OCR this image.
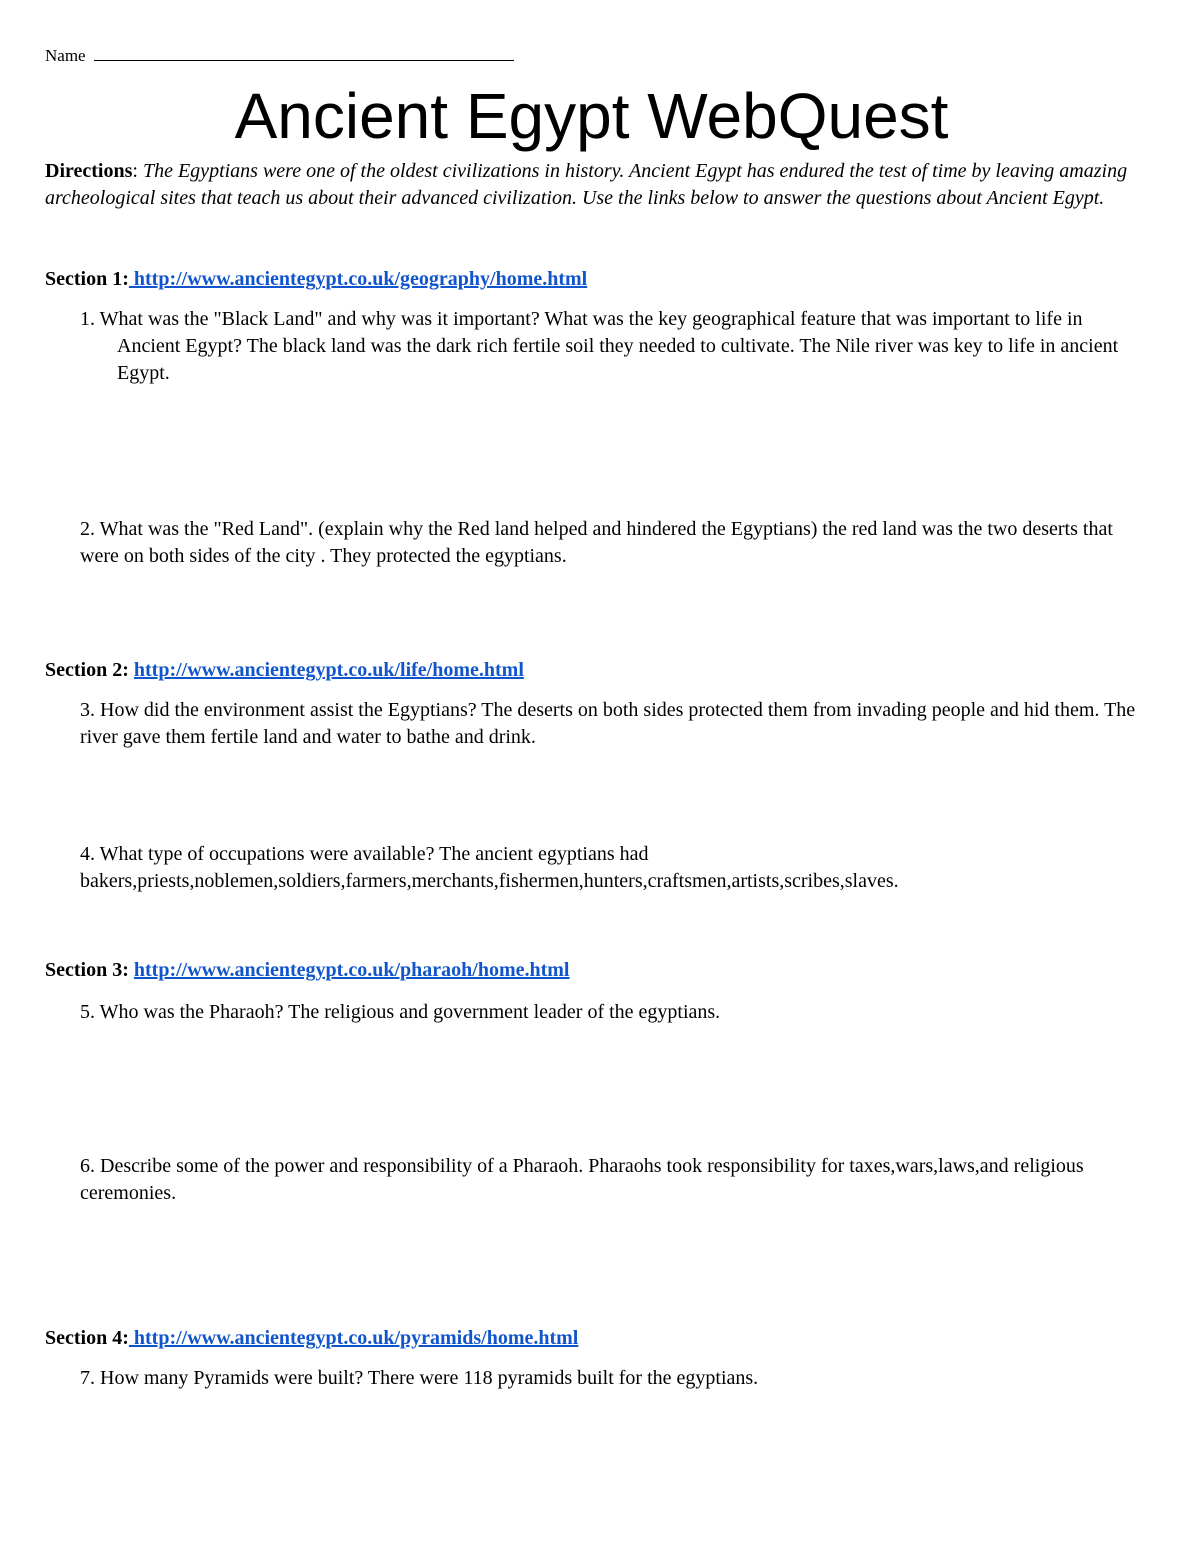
Name
Ancient Egypt WebQuest
Directions: The Egyptians were one of the oldest civilizations in history. Ancient Egypt has endured the test of time by leaving amazing archeological sites that teach us about their advanced civilization. Use the links below to answer the questions about Ancient Egypt.
Section 1: http://www.ancientegypt.co.uk/geography/home.html
1. What was the "Black Land" and why was it important? What was the key geographical feature that was important to life in Ancient Egypt? The black land was the dark rich fertile soil they needed to cultivate. The Nile river was key to life in ancient Egypt.
2. What was the "Red Land". (explain why the Red land helped and hindered the Egyptians) the red land was the two deserts that were on both sides of the city . They protected the egyptians.
Section 2: http://www.ancientegypt.co.uk/life/home.html
3. How did the environment assist the Egyptians? The deserts on both sides protected them from invading people and hid them. The river gave them fertile land and water to bathe and drink.
4. What type of occupations were available? The ancient egyptians had bakers,priests,noblemen,soldiers,farmers,merchants,fishermen,hunters,craftsmen,artists,scribes,slaves.
Section 3: http://www.ancientegypt.co.uk/pharaoh/home.html
5. Who was the Pharaoh? The religious and government leader of the egyptians.
6. Describe some of the power and responsibility of a Pharaoh. Pharaohs took responsibility for taxes,wars,laws,and religious ceremonies.
Section 4: http://www.ancientegypt.co.uk/pyramids/home.html
7. How many Pyramids were built? There were 118 pyramids built for the egyptians.
